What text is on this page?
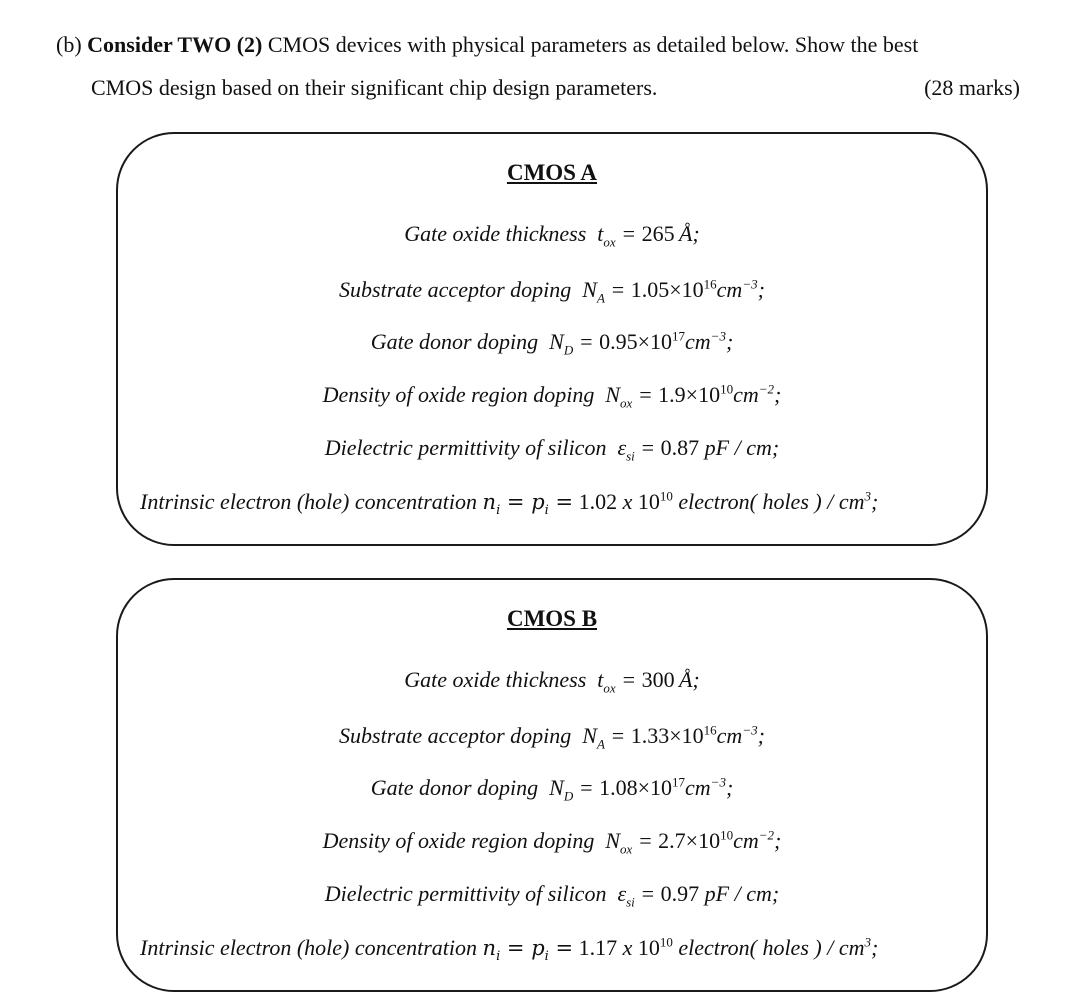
(b) Consider TWO (2) CMOS devices with physical parameters as detailed below. Show the best
CMOS design based on their significant chip design parameters.	(28 marks)
CMOS A
Gate oxide thickness  $t_{ox} = 265$  Å;
Substrate acceptor doping  $N_A = 1.05\times 10^{16}cm^{-3}$;
Gate donor doping  $N_D = 0.95\times 10^{17}cm^{-3}$;
Density of oxide region doping  $N_{ox} = 1.9\times 10^{10}cm^{-2}$;
Dielectric permittivity of silicon  $\varepsilon_{si} = 0.87$ pF / cm;
Intrinsic electron (hole) concentration $n_i = p_i = 1.02$ x $10^{10}$ electron( holes ) / $cm^3$;
CMOS B
Gate oxide thickness  $t_{ox} = 300$  Å;
Substrate acceptor doping  $N_A = 1.33\times 10^{16}cm^{-3}$;
Gate donor doping  $N_D = 1.08\times 10^{17}cm^{-3}$;
Density of oxide region doping  $N_{ox} = 2.7\times 10^{10}cm^{-2}$;
Dielectric permittivity of silicon  $\varepsilon_{si} = 0.97$ pF / cm;
Intrinsic electron (hole) concentration $n_i = p_i = 1.17$ x $10^{10}$ electron( holes ) / $cm^3$;
